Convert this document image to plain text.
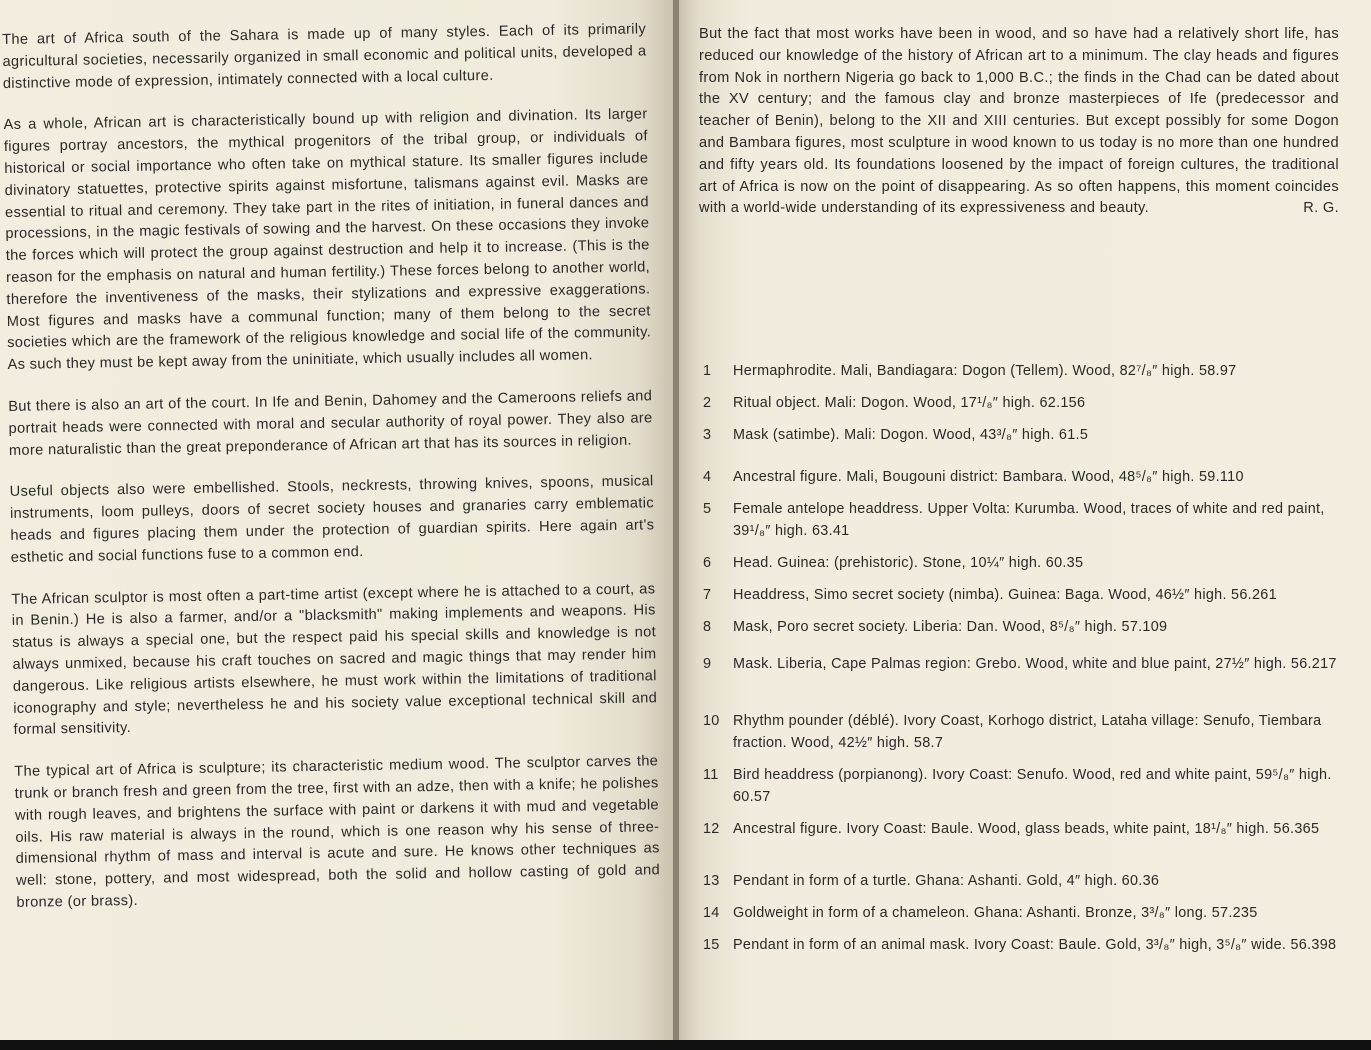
The art of Africa south of the Sahara is made up of many styles. Each of its primarily agricultural societies, necessarily organized in small economic and political units, developed a distinctive mode of expression, intimately connected with a local culture.

As a whole, African art is characteristically bound up with religion and divination. Its larger figures portray ancestors, the mythical progenitors of the tribal group, or individuals of historical or social importance who often take on mythical stature. Its smaller figures include divinatory statuettes, protective spirits against misfortune, talismans against evil. Masks are essential to ritual and ceremony. They take part in the rites of initiation, in funeral dances and processions, in the magic festivals of sowing and the harvest. On these occasions they invoke the forces which will protect the group against destruction and help it to increase. (This is the reason for the emphasis on natural and human fertility.) These forces belong to another world, therefore the inventiveness of the masks, their stylizations and expressive exaggerations. Most figures and masks have a communal function; many of them belong to the secret societies which are the framework of the religious knowledge and social life of the community. As such they must be kept away from the uninitiate, which usually includes all women.

But there is also an art of the court. In Ife and Benin, Dahomey and the Cameroons reliefs and portrait heads were connected with moral and secular authority of royal power. They also are more naturalistic than the great preponderance of African art that has its sources in religion.

Useful objects also were embellished. Stools, neckrests, throwing knives, spoons, musical instruments, loom pulleys, doors of secret society houses and granaries carry emblematic heads and figures placing them under the protection of guardian spirits. Here again art's esthetic and social functions fuse to a common end.

The African sculptor is most often a part-time artist (except where he is attached to a court, as in Benin.) He is also a farmer, and/or a "blacksmith" making implements and weapons. His status is always a special one, but the respect paid his special skills and knowledge is not always unmixed, because his craft touches on sacred and magic things that may render him dangerous. Like religious artists elsewhere, he must work within the limitations of traditional iconography and style; nevertheless he and his society value exceptional technical skill and formal sensitivity.

The typical art of Africa is sculpture; its characteristic medium wood. The sculptor carves the trunk or branch fresh and green from the tree, first with an adze, then with a knife; he polishes with rough leaves, and brightens the surface with paint or darkens it with mud and vegetable oils. His raw material is always in the round, which is one reason why his sense of three-dimensional rhythm of mass and interval is acute and sure. He knows other techniques as well: stone, pottery, and most widespread, both the solid and hollow casting of gold and bronze (or brass).

But the fact that most works have been in wood, and so have had a relatively short life, has reduced our knowledge of the history of African art to a minimum. The clay heads and figures from Nok in northern Nigeria go back to 1,000 B.C.; the finds in the Chad can be dated about the XV century; and the famous clay and bronze masterpieces of Ife (predecessor and teacher of Benin), belong to the XII and XIII centuries. But except possibly for some Dogon and Bambara figures, most sculpture in wood known to us today is no more than one hundred and fifty years old. Its foundations loosened by the impact of foreign cultures, the traditional art of Africa is now on the point of disappearing. As so often happens, this moment coincides with a world-wide understanding of its expressiveness and beauty.	R. G.
1	Hermaphrodite. Mali, Bandiagara: Dogon (Tellem). Wood, 82⁷/₈″ high. 58.97
2	Ritual object. Mali: Dogon. Wood, 17¹/₈″ high. 62.156
3	Mask (satimbe). Mali: Dogon. Wood, 43³/₈″ high. 61.5
4	Ancestral figure. Mali, Bougouni district: Bambara. Wood, 48⁵/₈″ high. 59.110
5	Female antelope headdress. Upper Volta: Kurumba. Wood, traces of white and red paint, 39¹/₈″ high. 63.41
6	Head. Guinea: (prehistoric). Stone, 10¼″ high. 60.35
7	Headdress, Simo secret society (nimba). Guinea: Baga. Wood, 46½″ high. 56.261
8	Mask, Poro secret society. Liberia: Dan. Wood, 8⁵/₈″ high. 57.109
9	Mask. Liberia, Cape Palmas region: Grebo. Wood, white and blue paint, 27½″ high. 56.217
10 Rhythm pounder (déblé). Ivory Coast, Korhogo district, Lataha village: Senufo, Tiembara fraction. Wood, 42½″ high. 58.7
11	Bird headdress (porpianong). Ivory Coast: Senufo. Wood, red and white paint, 59⁵/₈″ high. 60.57
12 Ancestral figure. Ivory Coast: Baule. Wood, glass beads, white paint, 18¹/₈″ high. 56.365
13 Pendant in form of a turtle. Ghana: Ashanti. Gold, 4″ high. 60.36
14 Goldweight in form of a chameleon. Ghana: Ashanti. Bronze, 3³/₈″ long. 57.235
15 Pendant in form of an animal mask. Ivory Coast: Baule. Gold, 3³/₈″ high, 3⁵/₈″ wide. 56.398
